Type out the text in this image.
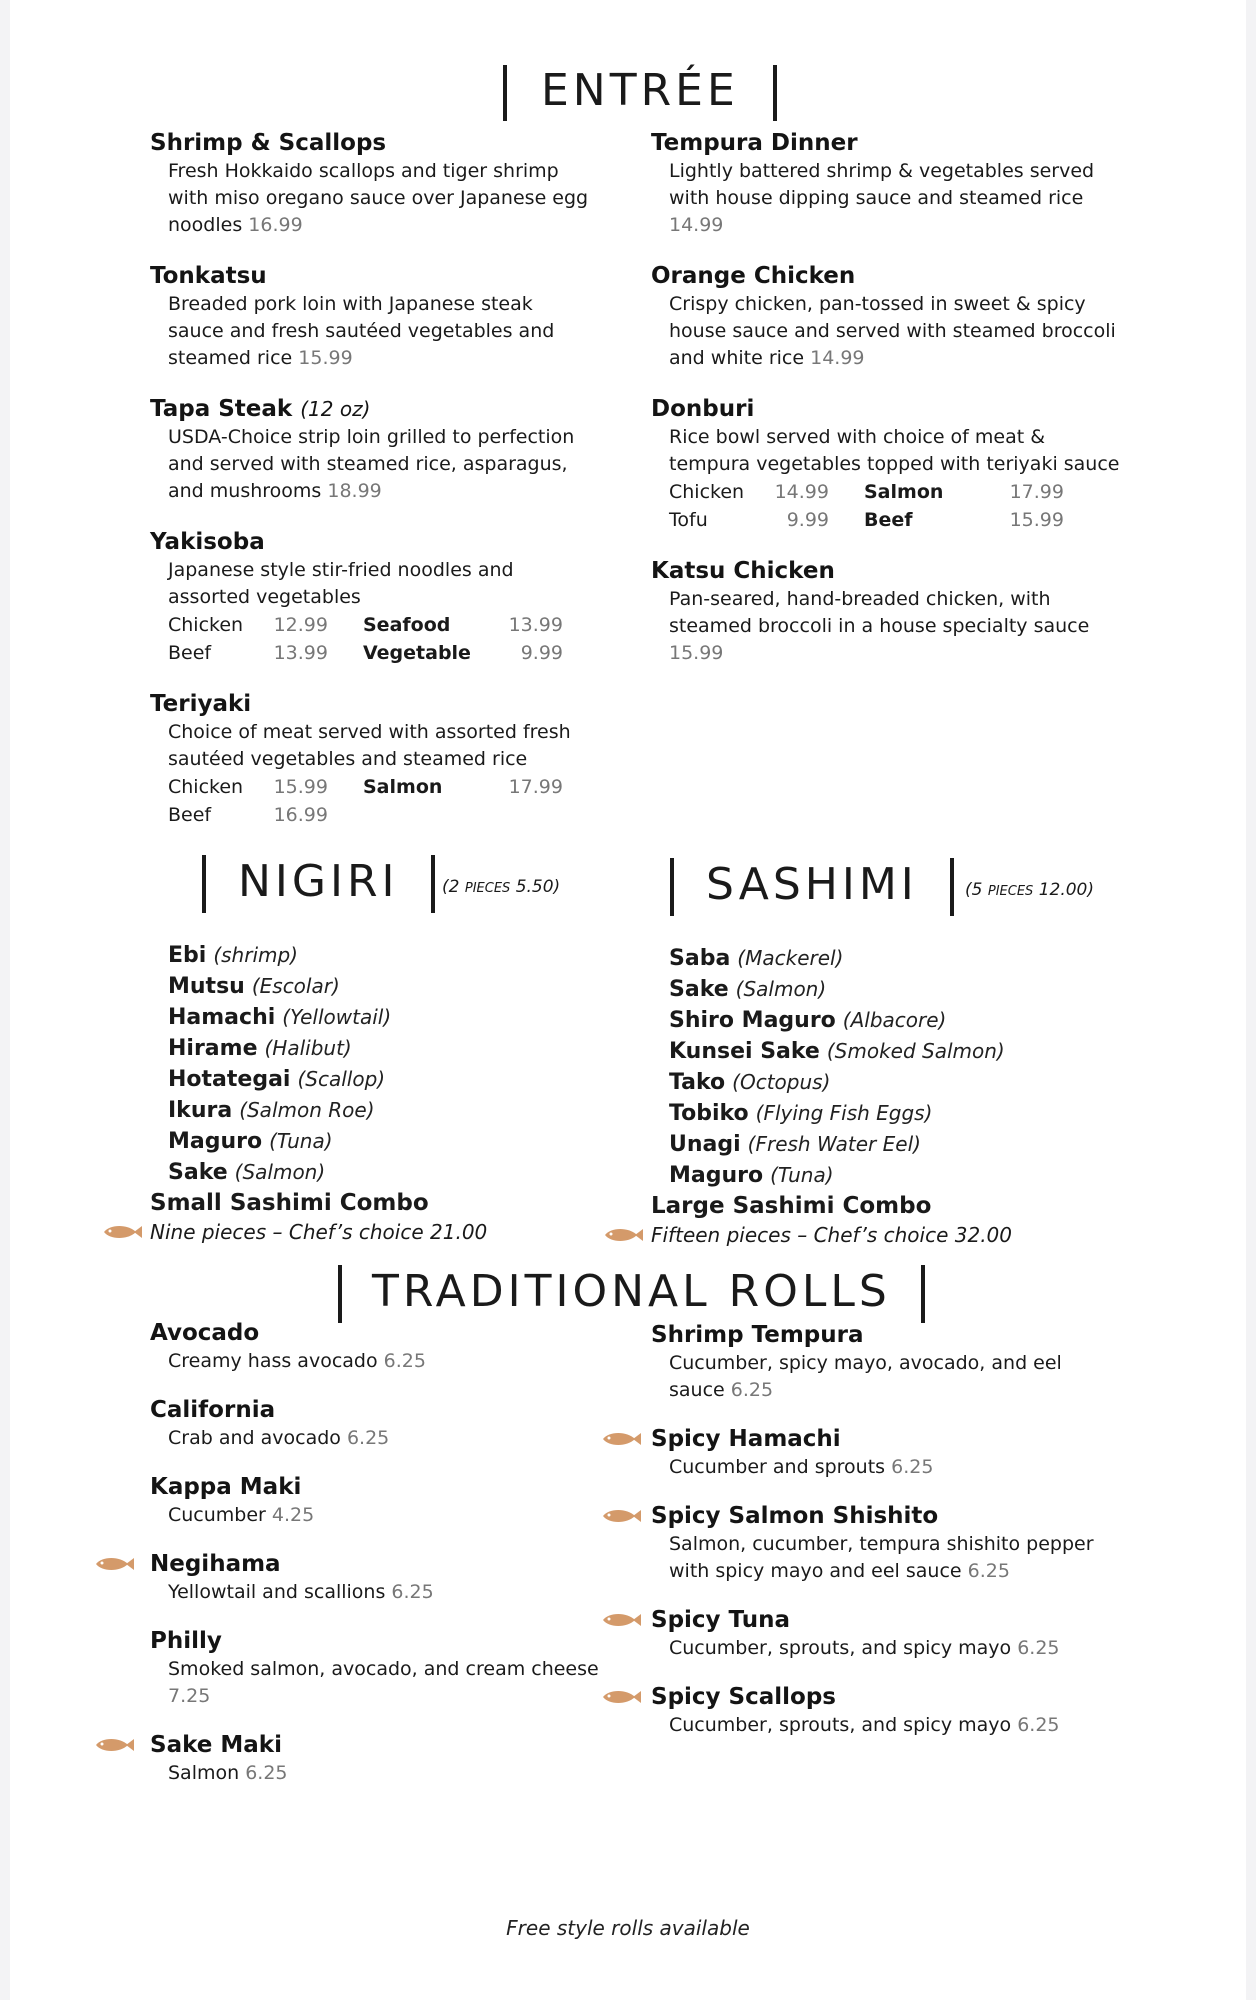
ENTRÉE
Shrimp & Scallops
Fresh Hokkaido scallops and tiger shrimp with miso oregano sauce over Japanese egg noodles 16.99
Tonkatsu
Breaded pork loin with Japanese steak sauce and fresh sautéed vegetables and steamed rice 15.99
Tapa Steak (12 oz)
USDA-Choice strip loin grilled to perfection and served with steamed rice, asparagus, and mushrooms 18.99
Yakisoba
Japanese style stir-fried noodles and assorted vegetables
Chicken	12.99 Seafood	13.99
Beef	13.99 Vegetable	9.99
Teriyaki
Choice of meat served with assorted fresh sautéed vegetables and steamed rice
Chicken	15.99 Salmon	17.99
Beef	16.99
Tempura Dinner
Lightly battered shrimp & vegetables served with house dipping sauce and steamed rice 14.99
Orange Chicken
Crispy chicken, pan-tossed in sweet & spicy house sauce and served with steamed broccoli and white rice 14.99
Donburi
Rice bowl served with choice of meat & tempura vegetables topped with teriyaki sauce
Chicken	14.99 Salmon	17.99
Tofu	9.99 Beef	15.99
Katsu Chicken
Pan-seared, hand-breaded chicken, with steamed broccoli in a house specialty sauce 15.99
NIGIRI	(2 PIECES 5.50)	SASHIMI	(5 PIECES 12.00)
Ebi (shrimp)
Mutsu (Escolar)
Hamachi (Yellowtail)
Hirame (Halibut)
Hotategai (Scallop)
Ikura (Salmon Roe)
Maguro (Tuna)
Sake (Salmon)
Small Sashimi Combo
Nine pieces – Chef’s choice 21.00
Saba (Mackerel)
Sake (Salmon)
Shiro Maguro (Albacore)
Kunsei Sake (Smoked Salmon)
Tako (Octopus)
Tobiko (Flying Fish Eggs)
Unagi (Fresh Water Eel)
Maguro (Tuna)
Large Sashimi Combo
Fifteen pieces – Chef’s choice 32.00
TRADITIONAL ROLLS
Avocado
Creamy hass avocado 6.25
California
Crab and avocado 6.25
Kappa Maki
Cucumber 4.25
Negihama
Yellowtail and scallions 6.25
Philly
Smoked salmon, avocado, and cream cheese 7.25
Sake Maki
Salmon 6.25
Shrimp Tempura
Cucumber, spicy mayo, avocado, and eel sauce 6.25
Spicy Hamachi
Cucumber and sprouts 6.25
Spicy Salmon Shishito
Salmon, cucumber, tempura shishito pepper with spicy mayo and eel sauce 6.25
Spicy Tuna
Cucumber, sprouts, and spicy mayo 6.25
Spicy Scallops
Cucumber, sprouts, and spicy mayo 6.25
Free style rolls available
